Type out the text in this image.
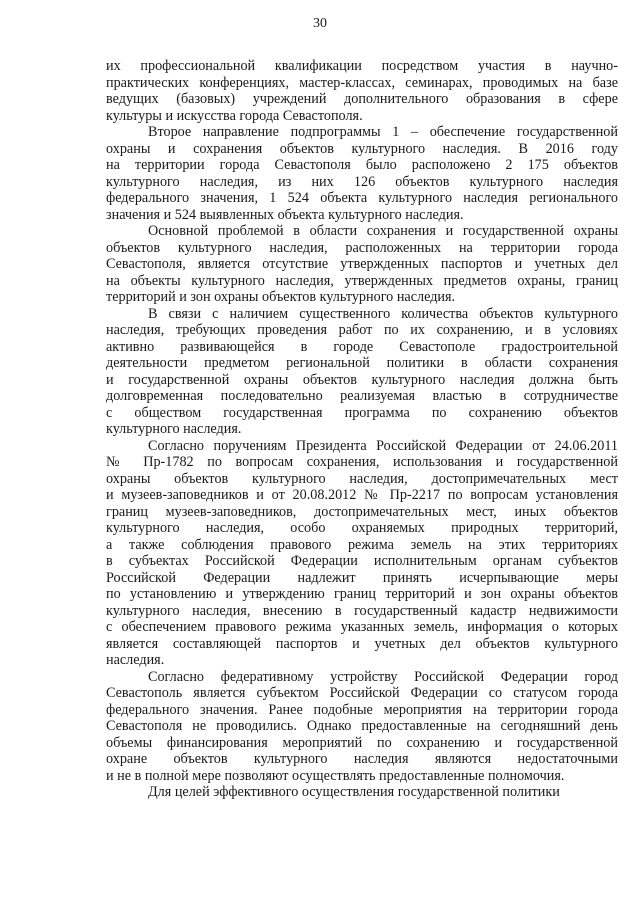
30
их профессиональной квалификации посредством участия в научно-
практических конференциях, мастер-классах, семинарах, проводимых на базе
ведущих (базовых) учреждений дополнительного образования в сфере
культуры и искусства города Севастополя.
Второе направление подпрограммы 1 – обеспечение государственной
охраны и сохранения объектов культурного наследия. В 2016 году
на территории города Севастополя было расположено 2 175 объектов
культурного наследия, из них 126 объектов культурного наследия
федерального значения, 1 524 объекта культурного наследия регионального
значения и 524 выявленных объекта культурного наследия.
Основной проблемой в области сохранения и государственной охраны
объектов культурного наследия, расположенных на территории города
Севастополя, является отсутствие утвержденных паспортов и учетных дел
на объекты культурного наследия, утвержденных предметов охраны, границ
территорий и зон охраны объектов культурного наследия.
В связи с наличием существенного количества объектов культурного
наследия, требующих проведения работ по их сохранению, и в условиях
активно развивающейся в городе Севастополе градостроительной
деятельности предметом региональной политики в области сохранения
и государственной охраны объектов культурного наследия должна быть
долговременная последовательно реализуемая властью в сотрудничестве
с обществом государственная программа по сохранению объектов
культурного наследия.
Согласно поручениям Президента Российской Федерации от 24.06.2011
№ Пр-1782 по вопросам сохранения, использования и государственной
охраны объектов культурного наследия, достопримечательных мест
и музеев-заповедников и от 20.08.2012 № Пр-2217 по вопросам установления
границ музеев-заповедников, достопримечательных мест, иных объектов
культурного наследия, особо охраняемых природных территорий,
а также соблюдения правового режима земель на этих территориях
в субъектах Российской Федерации исполнительным органам субъектов
Российской Федерации надлежит принять исчерпывающие меры
по установлению и утверждению границ территорий и зон охраны объектов
культурного наследия, внесению в государственный кадастр недвижимости
с обеспечением правового режима указанных земель, информация о которых
является составляющей паспортов и учетных дел объектов культурного
наследия.
Согласно федеративному устройству Российской Федерации город
Севастополь является субъектом Российской Федерации со статусом города
федерального значения. Ранее подобные мероприятия на территории города
Севастополя не проводились. Однако предоставленные на сегодняшний день
объемы финансирования мероприятий по сохранению и государственной
охране объектов культурного наследия являются недостаточными
и не в полной мере позволяют осуществлять предоставленные полномочия.
Для целей эффективного осуществления государственной политики
